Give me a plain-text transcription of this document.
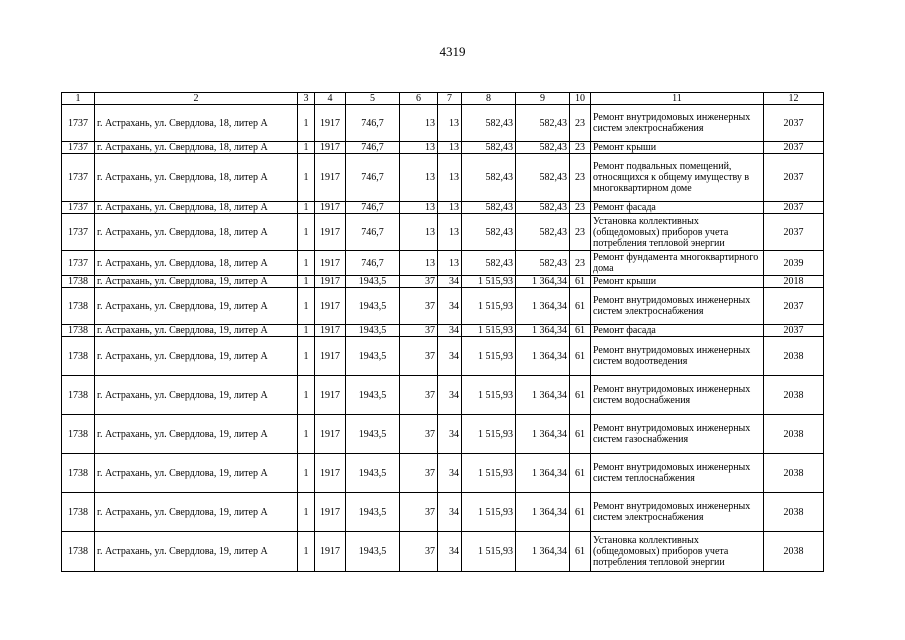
4319
1	2	3	4	5	6	7	8	9	10	11	12
1737	г. Астрахань, ул. Свердлова, 18, литер А	1	1917	746,7	13	13	582,43	582,43	23	Ремонт внутридомовых инженерных систем электроснабжения	2037
1737	г. Астрахань, ул. Свердлова, 18, литер А	1	1917	746,7	13	13	582,43	582,43	23	Ремонт крыши	2037
1737	г. Астрахань, ул. Свердлова, 18, литер А	1	1917	746,7	13	13	582,43	582,43	23	Ремонт подвальных помещений, относящихся к общему имуществу в многоквартирном доме	2037
1737	г. Астрахань, ул. Свердлова, 18, литер А	1	1917	746,7	13	13	582,43	582,43	23	Ремонт фасада	2037
1737	г. Астрахань, ул. Свердлова, 18, литер А	1	1917	746,7	13	13	582,43	582,43	23	Установка коллективных (общедомовых) приборов учета потребления тепловой энергии	2037
1737	г. Астрахань, ул. Свердлова, 18, литер А	1	1917	746,7	13	13	582,43	582,43	23	Ремонт фундамента многоквартирного дома	2039
1738	г. Астрахань, ул. Свердлова, 19, литер А	1	1917	1943,5	37	34	1 515,93	1 364,34	61	Ремонт крыши	2018
1738	г. Астрахань, ул. Свердлова, 19, литер А	1	1917	1943,5	37	34	1 515,93	1 364,34	61	Ремонт внутридомовых инженерных систем электроснабжения	2037
1738	г. Астрахань, ул. Свердлова, 19, литер А	1	1917	1943,5	37	34	1 515,93	1 364,34	61	Ремонт фасада	2037
1738	г. Астрахань, ул. Свердлова, 19, литер А	1	1917	1943,5	37	34	1 515,93	1 364,34	61	Ремонт внутридомовых инженерных систем водоотведения	2038
1738	г. Астрахань, ул. Свердлова, 19, литер А	1	1917	1943,5	37	34	1 515,93	1 364,34	61	Ремонт внутридомовых инженерных систем водоснабжения	2038
1738	г. Астрахань, ул. Свердлова, 19, литер А	1	1917	1943,5	37	34	1 515,93	1 364,34	61	Ремонт внутридомовых инженерных систем газоснабжения	2038
1738	г. Астрахань, ул. Свердлова, 19, литер А	1	1917	1943,5	37	34	1 515,93	1 364,34	61	Ремонт внутридомовых инженерных систем теплоснабжения	2038
1738	г. Астрахань, ул. Свердлова, 19, литер А	1	1917	1943,5	37	34	1 515,93	1 364,34	61	Ремонт внутридомовых инженерных систем электроснабжения	2038
1738	г. Астрахань, ул. Свердлова, 19, литер А	1	1917	1943,5	37	34	1 515,93	1 364,34	61	Установка коллективных (общедомовых) приборов учета потребления тепловой энергии	2038
